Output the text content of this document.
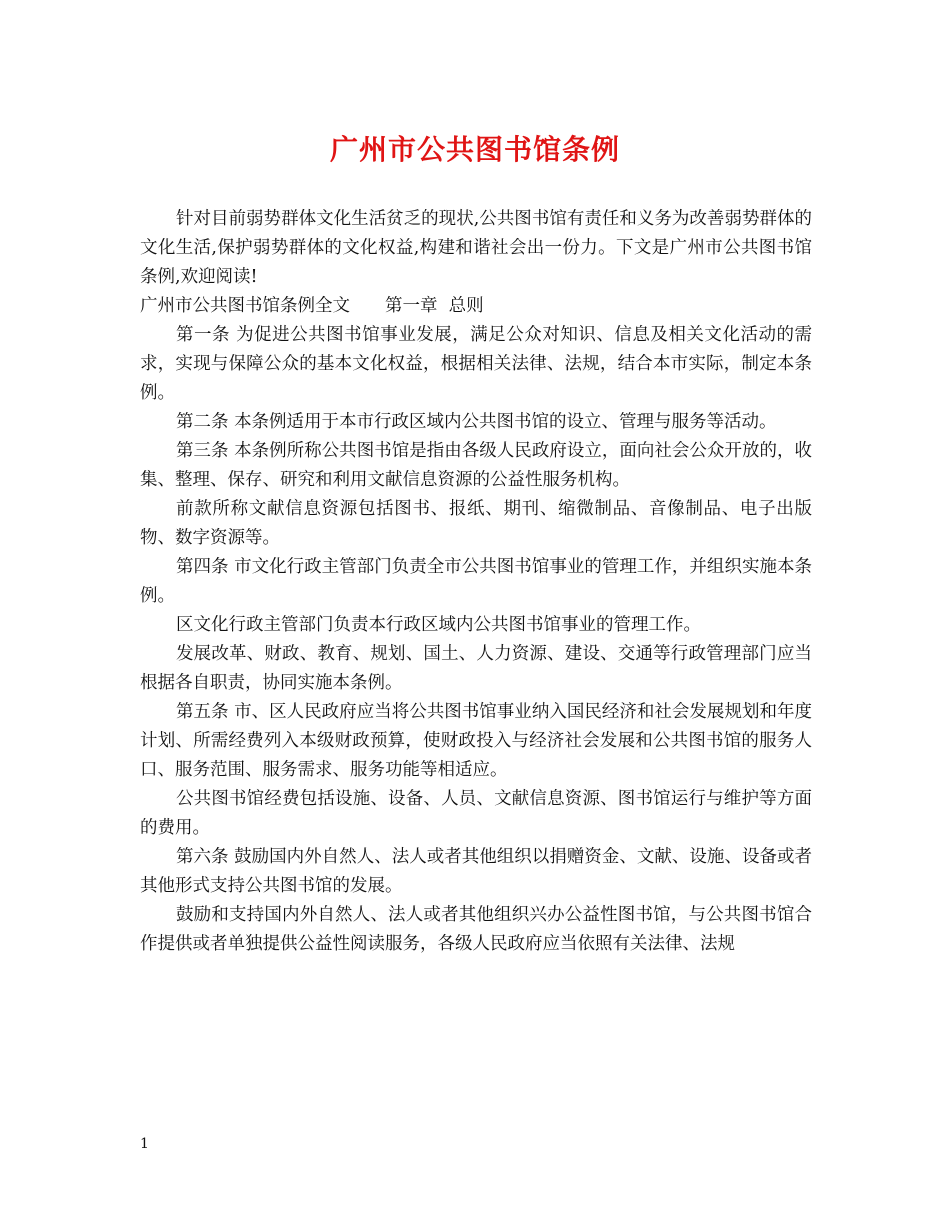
广州市公共图书馆条例

针对目前弱势群体文化生活贫乏的现状,公共图书馆有责任和义务为改善弱势群体的文化生活,保护弱势群体的文化权益,构建和谐社会出一份力。下文是广州市公共图书馆条例,欢迎阅读!

广州市公共图书馆条例全文　　第一章  总则

第一条 为促进公共图书馆事业发展，满足公众对知识、信息及相关文化活动的需求，实现与保障公众的基本文化权益，根据相关法律、法规，结合本市实际，制定本条例。

第二条 本条例适用于本市行政区域内公共图书馆的设立、管理与服务等活动。

第三条 本条例所称公共图书馆是指由各级人民政府设立，面向社会公众开放的，收集、整理、保存、研究和利用文献信息资源的公益性服务机构。

前款所称文献信息资源包括图书、报纸、期刊、缩微制品、音像制品、电子出版物、数字资源等。

第四条 市文化行政主管部门负责全市公共图书馆事业的管理工作，并组织实施本条例。

区文化行政主管部门负责本行政区域内公共图书馆事业的管理工作。

发展改革、财政、教育、规划、国土、人力资源、建设、交通等行政管理部门应当根据各自职责，协同实施本条例。

第五条 市、区人民政府应当将公共图书馆事业纳入国民经济和社会发展规划和年度计划、所需经费列入本级财政预算，使财政投入与经济社会发展和公共图书馆的服务人口、服务范围、服务需求、服务功能等相适应。

公共图书馆经费包括设施、设备、人员、文献信息资源、图书馆运行与维护等方面的费用。

第六条 鼓励国内外自然人、法人或者其他组织以捐赠资金、文献、设施、设备或者其他形式支持公共图书馆的发展。

鼓励和支持国内外自然人、法人或者其他组织兴办公益性图书馆，与公共图书馆合作提供或者单独提供公益性阅读服务，各级人民政府应当依照有关法律、法规

1
